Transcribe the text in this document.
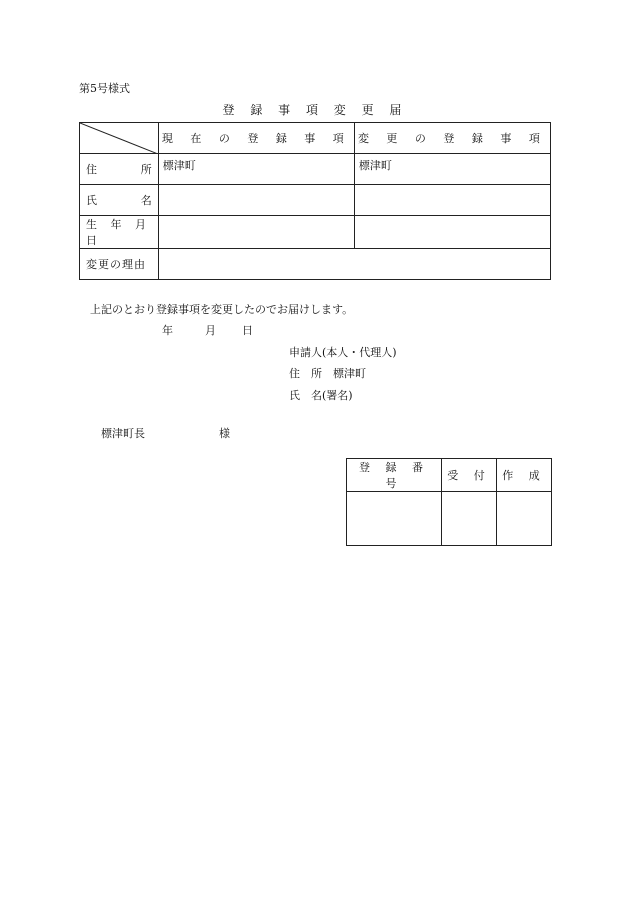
第5号様式
登 録 事 項 変 更 届
	現 在 の 登 録 事 項	変 更 の 登 録 事 項

住 所	標津町	標津町

氏 名		

生 年 月 日		
変更の理由		
上記のとおり登録事項を変更したのでお届けします。
年	月 日
申請人(本人・代理人)
住　所　標津町
氏　名(署名)
標津町長	様
登 録 番 号	受 付	作 成
